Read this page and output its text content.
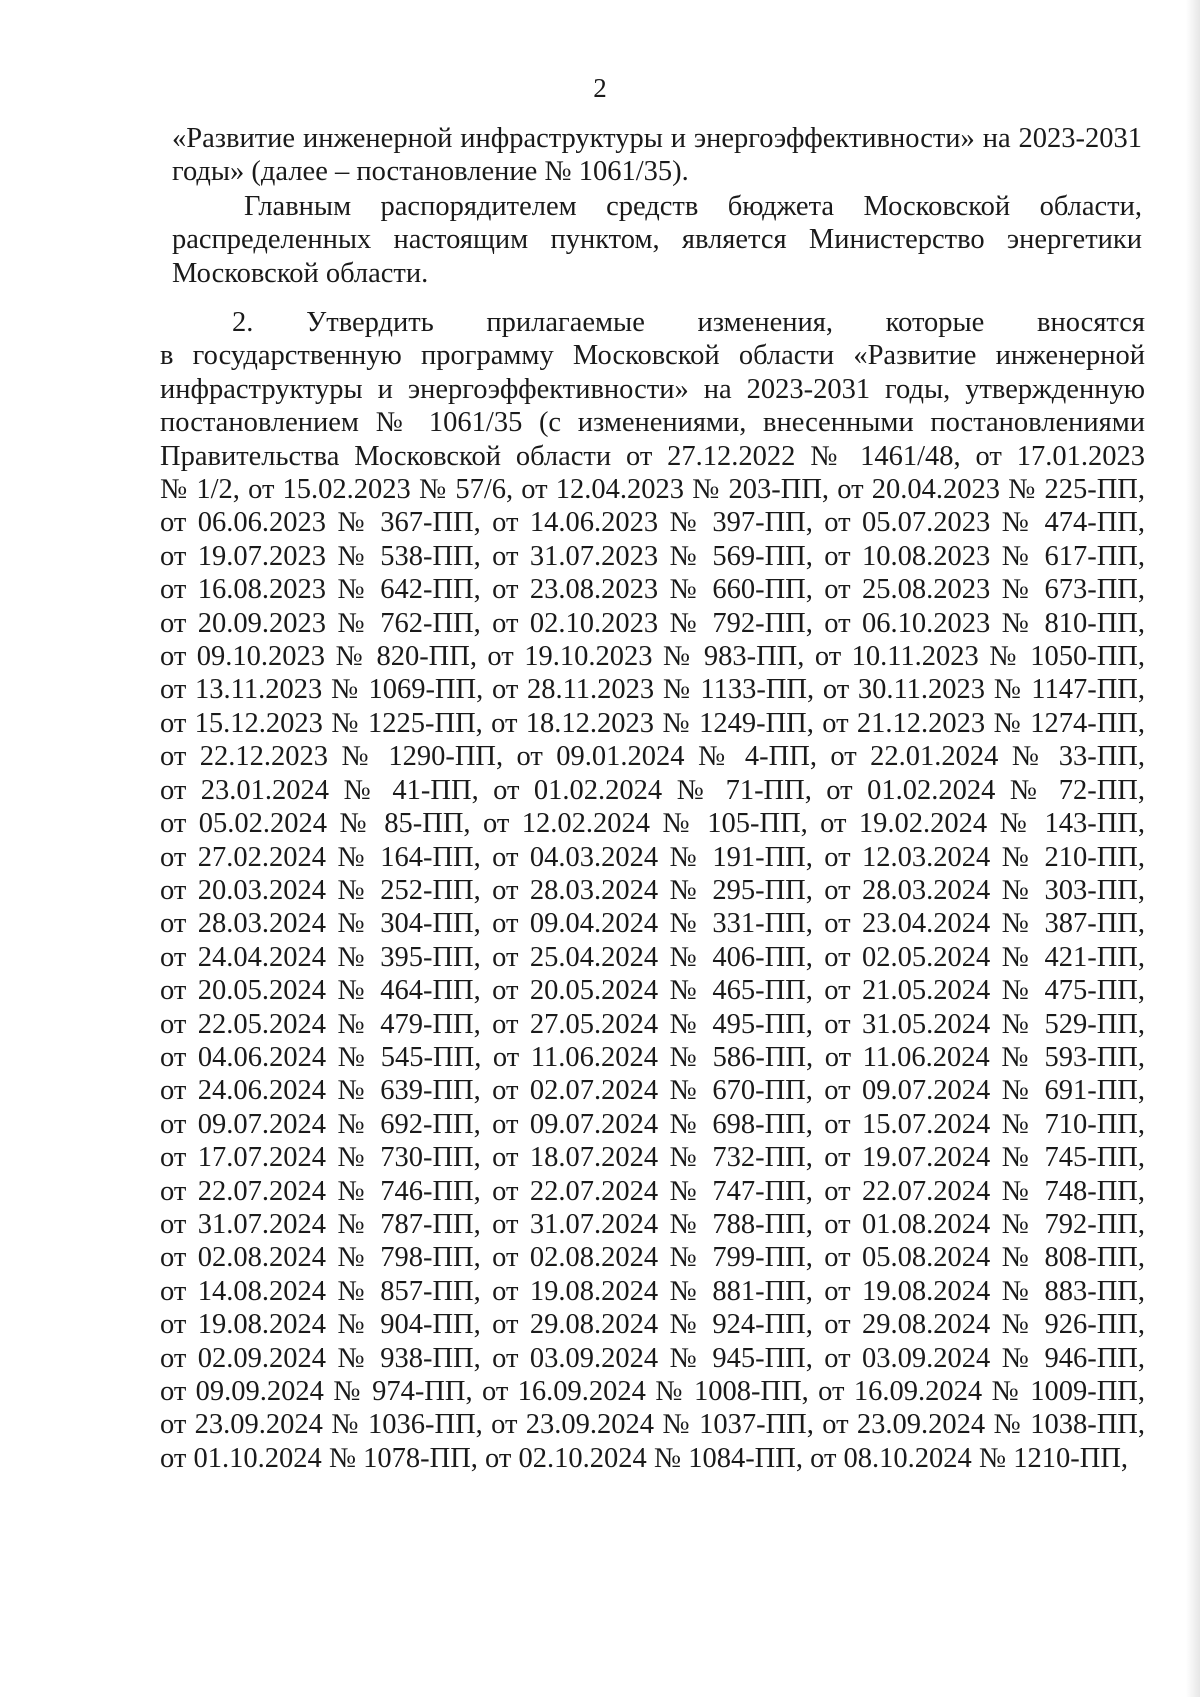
2
«Развитие инженерной инфраструктуры и энергоэффективности» на 2023-2031
годы» (далее – постановление № 1061/35).
Главным распорядителем средств бюджета Московской области,
распределенных настоящим пунктом, является Министерство энергетики
Московской области.
2. Утвердить прилагаемые изменения, которые вносятся
в государственную программу Московской области «Развитие инженерной
инфраструктуры и энергоэффективности» на 2023-2031 годы, утвержденную
постановлением № 1061/35 (с изменениями, внесенными постановлениями
Правительства Московской области от 27.12.2022 № 1461/48, от 17.01.2023
№ 1/2, от 15.02.2023 № 57/6, от 12.04.2023 № 203-ПП, от 20.04.2023 № 225-ПП,
от 06.06.2023 № 367-ПП, от 14.06.2023 № 397-ПП, от 05.07.2023 № 474-ПП,
от 19.07.2023 № 538-ПП, от 31.07.2023 № 569-ПП, от 10.08.2023 № 617-ПП,
от 16.08.2023 № 642-ПП, от 23.08.2023 № 660-ПП, от 25.08.2023 № 673-ПП,
от 20.09.2023 № 762-ПП, от 02.10.2023 № 792-ПП, от 06.10.2023 № 810-ПП,
от 09.10.2023 № 820-ПП, от 19.10.2023 № 983-ПП, от 10.11.2023 № 1050-ПП,
от 13.11.2023 № 1069-ПП, от 28.11.2023 № 1133-ПП, от 30.11.2023 № 1147-ПП,
от 15.12.2023 № 1225-ПП, от 18.12.2023 № 1249-ПП, от 21.12.2023 № 1274-ПП,
от 22.12.2023 № 1290-ПП, от 09.01.2024 № 4-ПП, от 22.01.2024 № 33-ПП,
от 23.01.2024 № 41-ПП, от 01.02.2024 № 71-ПП, от 01.02.2024 № 72-ПП,
от 05.02.2024 № 85-ПП, от 12.02.2024 № 105-ПП, от 19.02.2024 № 143-ПП,
от 27.02.2024 № 164-ПП, от 04.03.2024 № 191-ПП, от 12.03.2024 № 210-ПП,
от 20.03.2024 № 252-ПП, от 28.03.2024 № 295-ПП, от 28.03.2024 № 303-ПП,
от 28.03.2024 № 304-ПП, от 09.04.2024 № 331-ПП, от 23.04.2024 № 387-ПП,
от 24.04.2024 № 395-ПП, от 25.04.2024 № 406-ПП, от 02.05.2024 № 421-ПП,
от 20.05.2024 № 464-ПП, от 20.05.2024 № 465-ПП, от 21.05.2024 № 475-ПП,
от 22.05.2024 № 479-ПП, от 27.05.2024 № 495-ПП, от 31.05.2024 № 529-ПП,
от 04.06.2024 № 545-ПП, от 11.06.2024 № 586-ПП, от 11.06.2024 № 593-ПП,
от 24.06.2024 № 639-ПП, от 02.07.2024 № 670-ПП, от 09.07.2024 № 691-ПП,
от 09.07.2024 № 692-ПП, от 09.07.2024 № 698-ПП, от 15.07.2024 № 710-ПП,
от 17.07.2024 № 730-ПП, от 18.07.2024 № 732-ПП, от 19.07.2024 № 745-ПП,
от 22.07.2024 № 746-ПП, от 22.07.2024 № 747-ПП, от 22.07.2024 № 748-ПП,
от 31.07.2024 № 787-ПП, от 31.07.2024 № 788-ПП, от 01.08.2024 № 792-ПП,
от 02.08.2024 № 798-ПП, от 02.08.2024 № 799-ПП, от 05.08.2024 № 808-ПП,
от 14.08.2024 № 857-ПП, от 19.08.2024 № 881-ПП, от 19.08.2024 № 883-ПП,
от 19.08.2024 № 904-ПП, от 29.08.2024 № 924-ПП, от 29.08.2024 № 926-ПП,
от 02.09.2024 № 938-ПП, от 03.09.2024 № 945-ПП, от 03.09.2024 № 946-ПП,
от 09.09.2024 № 974-ПП, от 16.09.2024 № 1008-ПП, от 16.09.2024 № 1009-ПП,
от 23.09.2024 № 1036-ПП, от 23.09.2024 № 1037-ПП, от 23.09.2024 № 1038-ПП,
от 01.10.2024 № 1078-ПП, от 02.10.2024 № 1084-ПП, от 08.10.2024 № 1210-ПП,
